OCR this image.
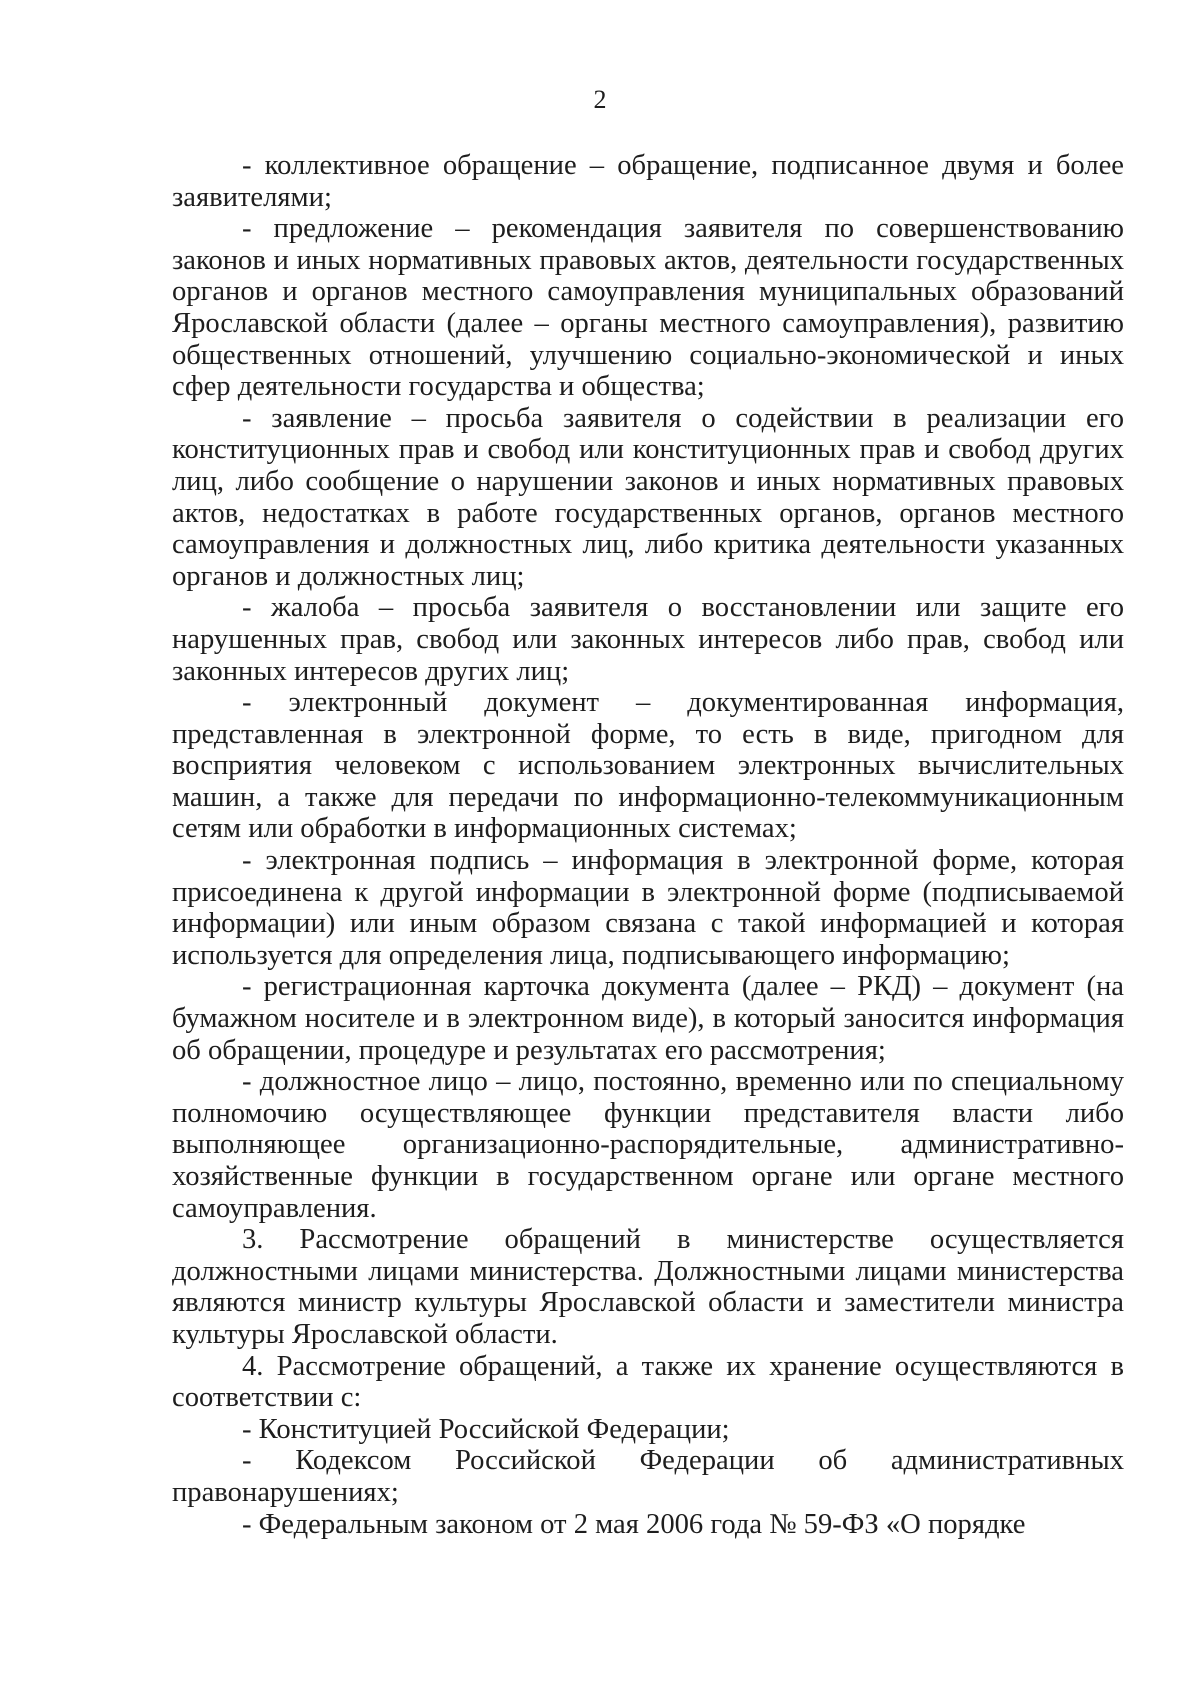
2

- коллективное обращение – обращение, подписанное двумя и более заявителями;

- предложение – рекомендация заявителя по совершенствованию законов и иных нормативных правовых актов, деятельности государственных органов и органов местного самоуправления муниципальных образований Ярославской области (далее – органы местного самоуправления), развитию общественных отношений, улучшению социально-экономической и иных сфер деятельности государства и общества;

- заявление – просьба заявителя о содействии в реализации его конституционных прав и свобод или конституционных прав и свобод других лиц, либо сообщение о нарушении законов и иных нормативных правовых актов, недостатках в работе государственных органов, органов местного самоуправления и должностных лиц, либо критика деятельности указанных органов и должностных лиц;

- жалоба – просьба заявителя о восстановлении или защите его нарушенных прав, свобод или законных интересов либо прав, свобод или законных интересов других лиц;

- электронный документ – документированная информация, представленная в электронной форме, то есть в виде, пригодном для восприятия человеком с использованием электронных вычислительных машин, а также для передачи по информационно-телекоммуникационным сетям или обработки в информационных системах;

- электронная подпись – информация в электронной форме, которая присоединена к другой информации в электронной форме (подписываемой информации) или иным образом связана с такой информацией и которая используется для определения лица, подписывающего информацию;

- регистрационная карточка документа (далее – РКД) – документ (на бумажном носителе и в электронном виде), в который заносится информация об обращении, процедуре и результатах его рассмотрения;

- должностное лицо – лицо, постоянно, временно или по специальному полномочию осуществляющее функции представителя власти либо выполняющее организационно-распорядительные, административно-хозяйственные функции в государственном органе или органе местного самоуправления.

3. Рассмотрение обращений в министерстве осуществляется должностными лицами министерства. Должностными лицами министерства являются министр культуры Ярославской области и заместители министра культуры Ярославской области.

4. Рассмотрение обращений, а также их хранение осуществляются в соответствии с:

- Конституцией Российской Федерации;

- Кодексом Российской Федерации об административных правонарушениях;

- Федеральным законом от 2 мая 2006 года № 59-ФЗ «О порядке
